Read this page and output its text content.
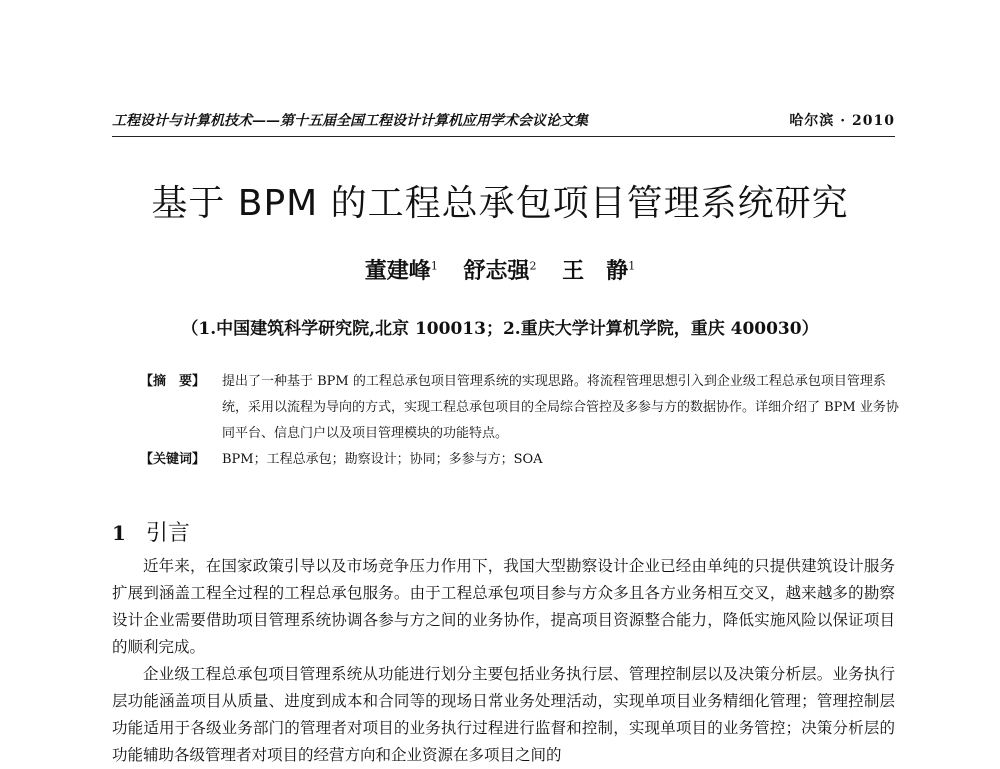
工程设计与计算机技术——第十五届全国工程设计计算机应用学术会议论文集	哈尔滨 · 2010
基于 BPM 的工程总承包项目管理系统研究
董建峰$^1$ 舒志强$^2$ 王　静$^1$
（1.中国建筑科学研究院,北京 100013；2.重庆大学计算机学院，重庆 400030）
【摘　要】	提出了一种基于 BPM 的工程总承包项目管理系统的实现思路。将流程管理思想引入到企业级工程总承包项目管理系统，采用以流程为导向的方式，实现工程总承包项目的全局综合管控及多参与方的数据协作。详细介绍了 BPM 业务协同平台、信息门户以及项目管理模块的功能特点。
【关键词】	BPM；工程总承包；勘察设计；协同；多参与方；SOA
1 引言

近年来，在国家政策引导以及市场竞争压力作用下，我国大型勘察设计企业已经由单纯的只提供建筑设计服务扩展到涵盖工程全过程的工程总承包服务。由于工程总承包项目参与方众多且各方业务相互交叉，越来越多的勘察设计企业需要借助项目管理系统协调各参与方之间的业务协作，提高项目资源整合能力，降低实施风险以保证项目的顺利完成。

企业级工程总承包项目管理系统从功能进行划分主要包括业务执行层、管理控制层以及决策分析层。业务执行层功能涵盖项目从质量、进度到成本和合同等的现场日常业务处理活动，实现单项目业务精细化管理；管理控制层功能适用于各级业务部门的管理者对项目的业务执行过程进行监督和控制，实现单项目的业务管控；决策分析层的功能辅助各级管理者对项目的经营方向和企业资源在多项目之间的
